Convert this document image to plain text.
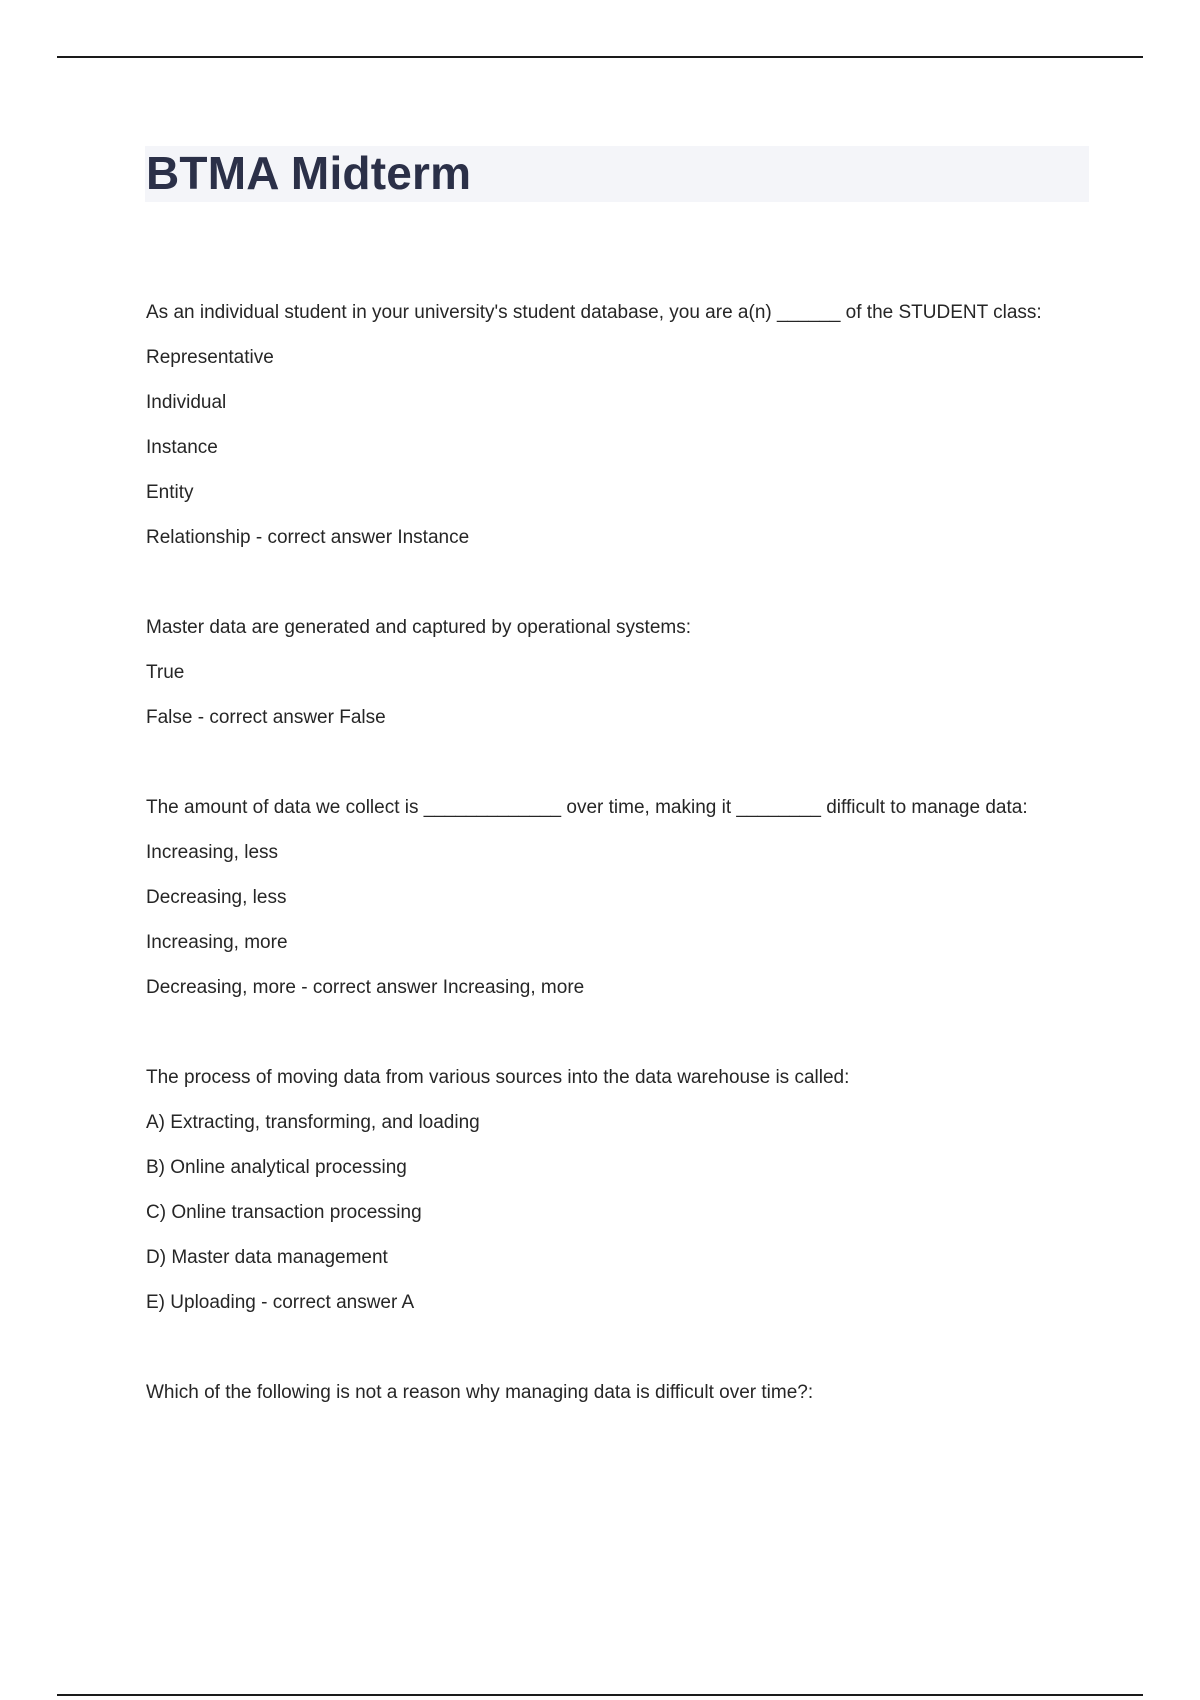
BTMA Midterm
As an individual student in your university's student database, you are a(n) ______ of the STUDENT class:
Representative
Individual
Instance
Entity
Relationship - correct answer Instance
Master data are generated and captured by operational systems:
True
False - correct answer False
The amount of data we collect is _____________ over time, making it ________ difficult to manage data:
Increasing, less
Decreasing, less
Increasing, more
Decreasing, more - correct answer Increasing, more
The process of moving data from various sources into the data warehouse is called:
A) Extracting, transforming, and loading
B) Online analytical processing
C) Online transaction processing
D) Master data management
E) Uploading - correct answer A
Which of the following is not a reason why managing data is difficult over time?:
